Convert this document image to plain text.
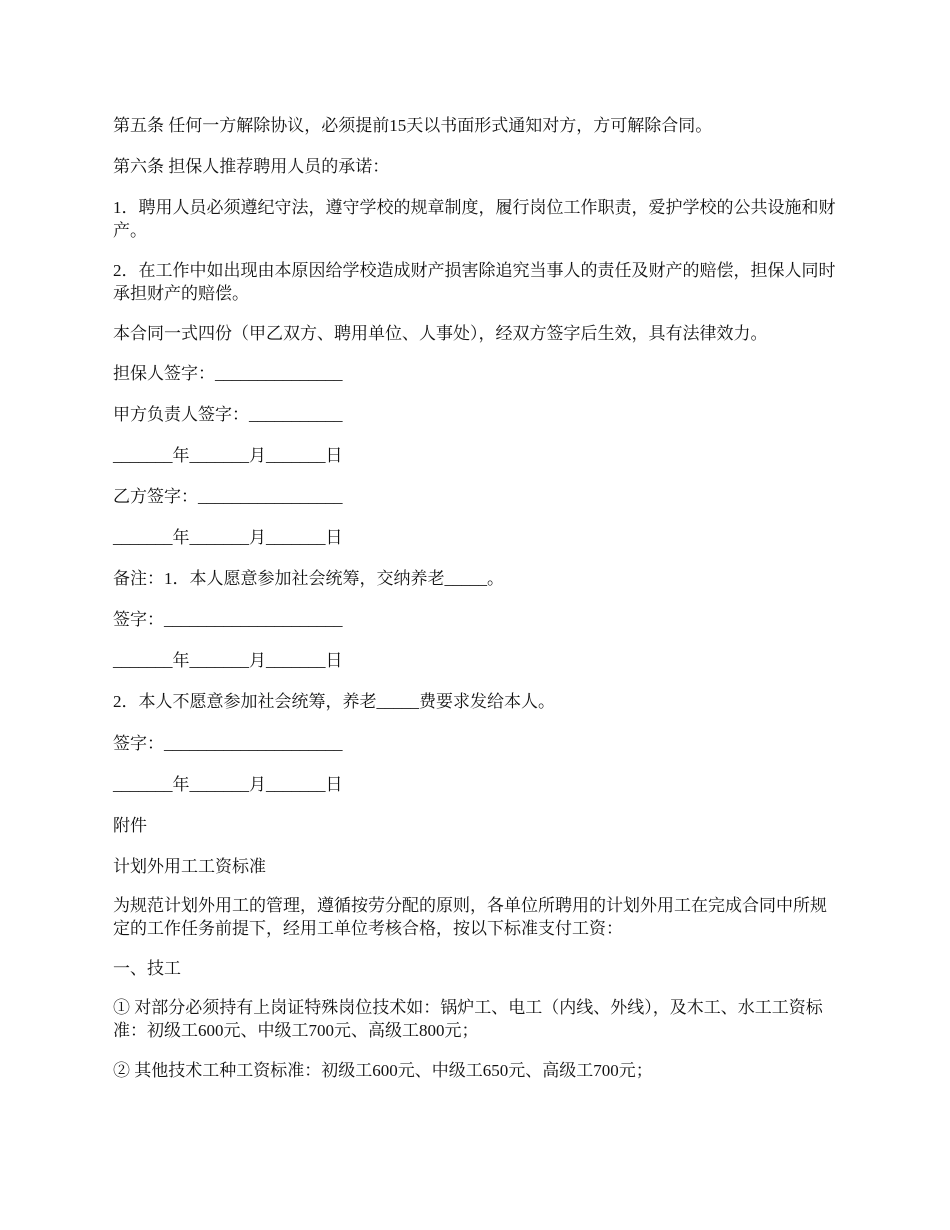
第五条 任何一方解除协议，必须提前15天以书面形式通知对方，方可解除合同。
第六条 担保人推荐聘用人员的承诺：
1．聘用人员必须遵纪守法，遵守学校的规章制度，履行岗位工作职责，爱护学校的公共设施和财产。
2．在工作中如出现由本原因给学校造成财产损害除追究当事人的责任及财产的赔偿，担保人同时承担财产的赔偿。
本合同一式四份（甲乙双方、聘用单位、人事处），经双方签字后生效，具有法律效力。
担保人签字：_______________
甲方负责人签字：___________
_______年_______月_______日
乙方签字：_________________
_______年_______月_______日
备注：1．本人愿意参加社会统筹，交纳养老_____。
签字：_____________________
_______年_______月_______日
2．本人不愿意参加社会统筹，养老_____费要求发给本人。
签字：_____________________
_______年_______月_______日
附件
计划外用工工资标准
为规范计划外用工的管理，遵循按劳分配的原则，各单位所聘用的计划外用工在完成合同中所规定的工作任务前提下，经用工单位考核合格，按以下标准支付工资：
一、技工
① 对部分必须持有上岗证特殊岗位技术如：锅炉工、电工（内线、外线），及木工、水工工资标准：初级工600元、中级工700元、高级工800元；
② 其他技术工种工资标准：初级工600元、中级工650元、高级工700元；
